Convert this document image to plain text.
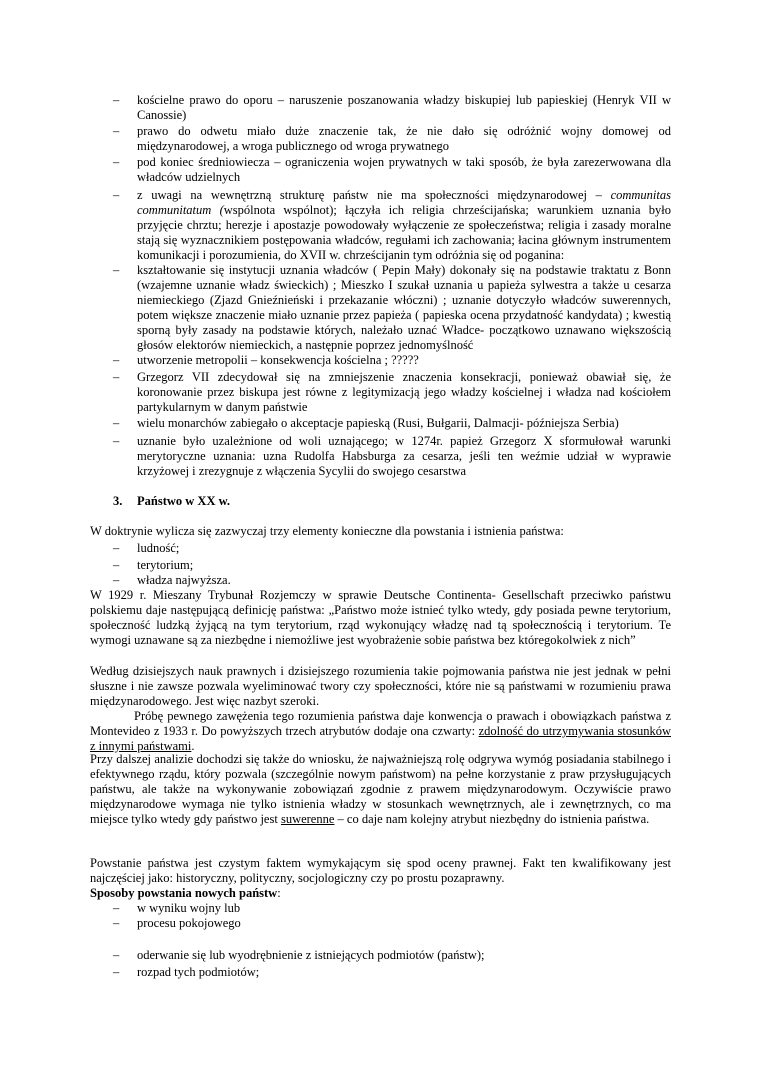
– kościelne prawo do oporu – naruszenie poszanowania władzy biskupiej lub papieskiej (Henryk VII w Canossie)
– prawo do odwetu miało duże znaczenie tak, że nie dało się odróżnić wojny domowej od międzynarodowej, a wroga publicznego od wroga prywatnego
– pod koniec średniowiecza – ograniczenia wojen prywatnych w taki sposób, że była zarezerwowana dla władców udzielnych
– z uwagi na wewnętrzną strukturę państw nie ma społeczności międzynarodowej – communitas communitatum (wspólnota wspólnot); łączyła ich religia chrześcijańska; warunkiem uznania było przyjęcie chrztu; herezje i apostazje powodowały wyłączenie ze społeczeństwa; religia i zasady moralne stają się wyznacznikiem postępowania władców, regułami ich zachowania; łacina głównym instrumentem komunikacji i porozumienia, do XVII w. chrześcijanin tym odróżnia się od poganina:
– kształtowanie się instytucji uznania władców ( Pepin Mały) dokonały się na podstawie traktatu z Bonn (wzajemne uznanie władz świeckich) ; Mieszko I szukał uznania u papieża sylwestra a także u cesarza niemieckiego (Zjazd Gnieźnieński i przekazanie włóczni) ; uznanie dotyczyło władców suwerennych, potem większe znaczenie miało uznanie przez papieża ( papieska ocena przydatność kandydata) ; kwestią sporną były zasady na podstawie których, należało uznać Władce- początkowo uznawano większością głosów elektorów niemieckich, a następnie poprzez jednomyślność
– utworzenie metropolii – konsekwencja kościelna ; ?????
– Grzegorz VII zdecydował się na zmniejszenie znaczenia konsekracji, ponieważ obawiał się, że koronowanie przez biskupa jest równe z legitymizacją jego władzy kościelnej i władza nad kościołem partykularnym w danym państwie
– wielu monarchów zabiegało o akceptacje papieską (Rusi, Bułgarii, Dalmacji- późniejsza Serbia)
– uznanie było uzależnione od woli uznającego; w 1274r. papież Grzegorz X sformułował warunki merytoryczne uznania: uzna Rudolfa Habsburga za cesarza, jeśli ten weźmie udział w wyprawie krzyżowej i zrezygnuje z włączenia Sycylii do swojego cesarstwa
3. Państwo w XX w.
W doktrynie wylicza się zazwyczaj trzy elementy konieczne dla powstania i istnienia państwa:
– ludność;
– terytorium;
– władza najwyższa.
W 1929 r. Mieszany Trybunał Rozjemczy w sprawie Deutsche Continenta- Gesellschaft przeciwko państwu polskiemu daje następującą definicję państwa: „Państwo może istnieć tylko wtedy, gdy posiada pewne terytorium, społeczność ludzką żyjącą na tym terytorium, rząd wykonujący władzę nad tą społecznością i terytorium. Te wymogi uznawane są za niezbędne i niemożliwe jest wyobrażenie sobie państwa bez któregokolwiek z nich”
Według dzisiejszych nauk prawnych i dzisiejszego rozumienia takie pojmowania państwa nie jest jednak w pełni słuszne i nie zawsze pozwala wyeliminować twory czy społeczności, które nie są państwami w rozumieniu prawa międzynarodowego. Jest więc nazbyt szeroki.
Próbę pewnego zawężenia tego rozumienia państwa daje konwencja o prawach i obowiązkach państwa z Montevideo z 1933 r. Do powyższych trzech atrybutów dodaje ona czwarty: zdolność do utrzymywania stosunków z innymi państwami.
Przy dalszej analizie dochodzi się także do wniosku, że najważniejszą rolę odgrywa wymóg posiadania stabilnego i efektywnego rządu, który pozwala (szczególnie nowym państwom) na pełne korzystanie z praw przysługujących państwu, ale także na wykonywanie zobowiązań zgodnie z prawem międzynarodowym. Oczywiście prawo międzynarodowe wymaga nie tylko istnienia władzy w stosunkach wewnętrznych, ale i zewnętrznych, co ma miejsce tylko wtedy gdy państwo jest suwerenne – co daje nam kolejny atrybut niezbędny do istnienia państwa.
Powstanie państwa jest czystym faktem wymykającym się spod oceny prawnej. Fakt ten kwalifikowany jest najczęściej jako: historyczny, polityczny, socjologiczny czy po prostu pozaprawny.
Sposoby powstania nowych państw:
– w wyniku wojny lub
– procesu pokojowego
– oderwanie się lub wyodrębnienie z istniejących podmiotów (państw);
– rozpad tych podmiotów;
